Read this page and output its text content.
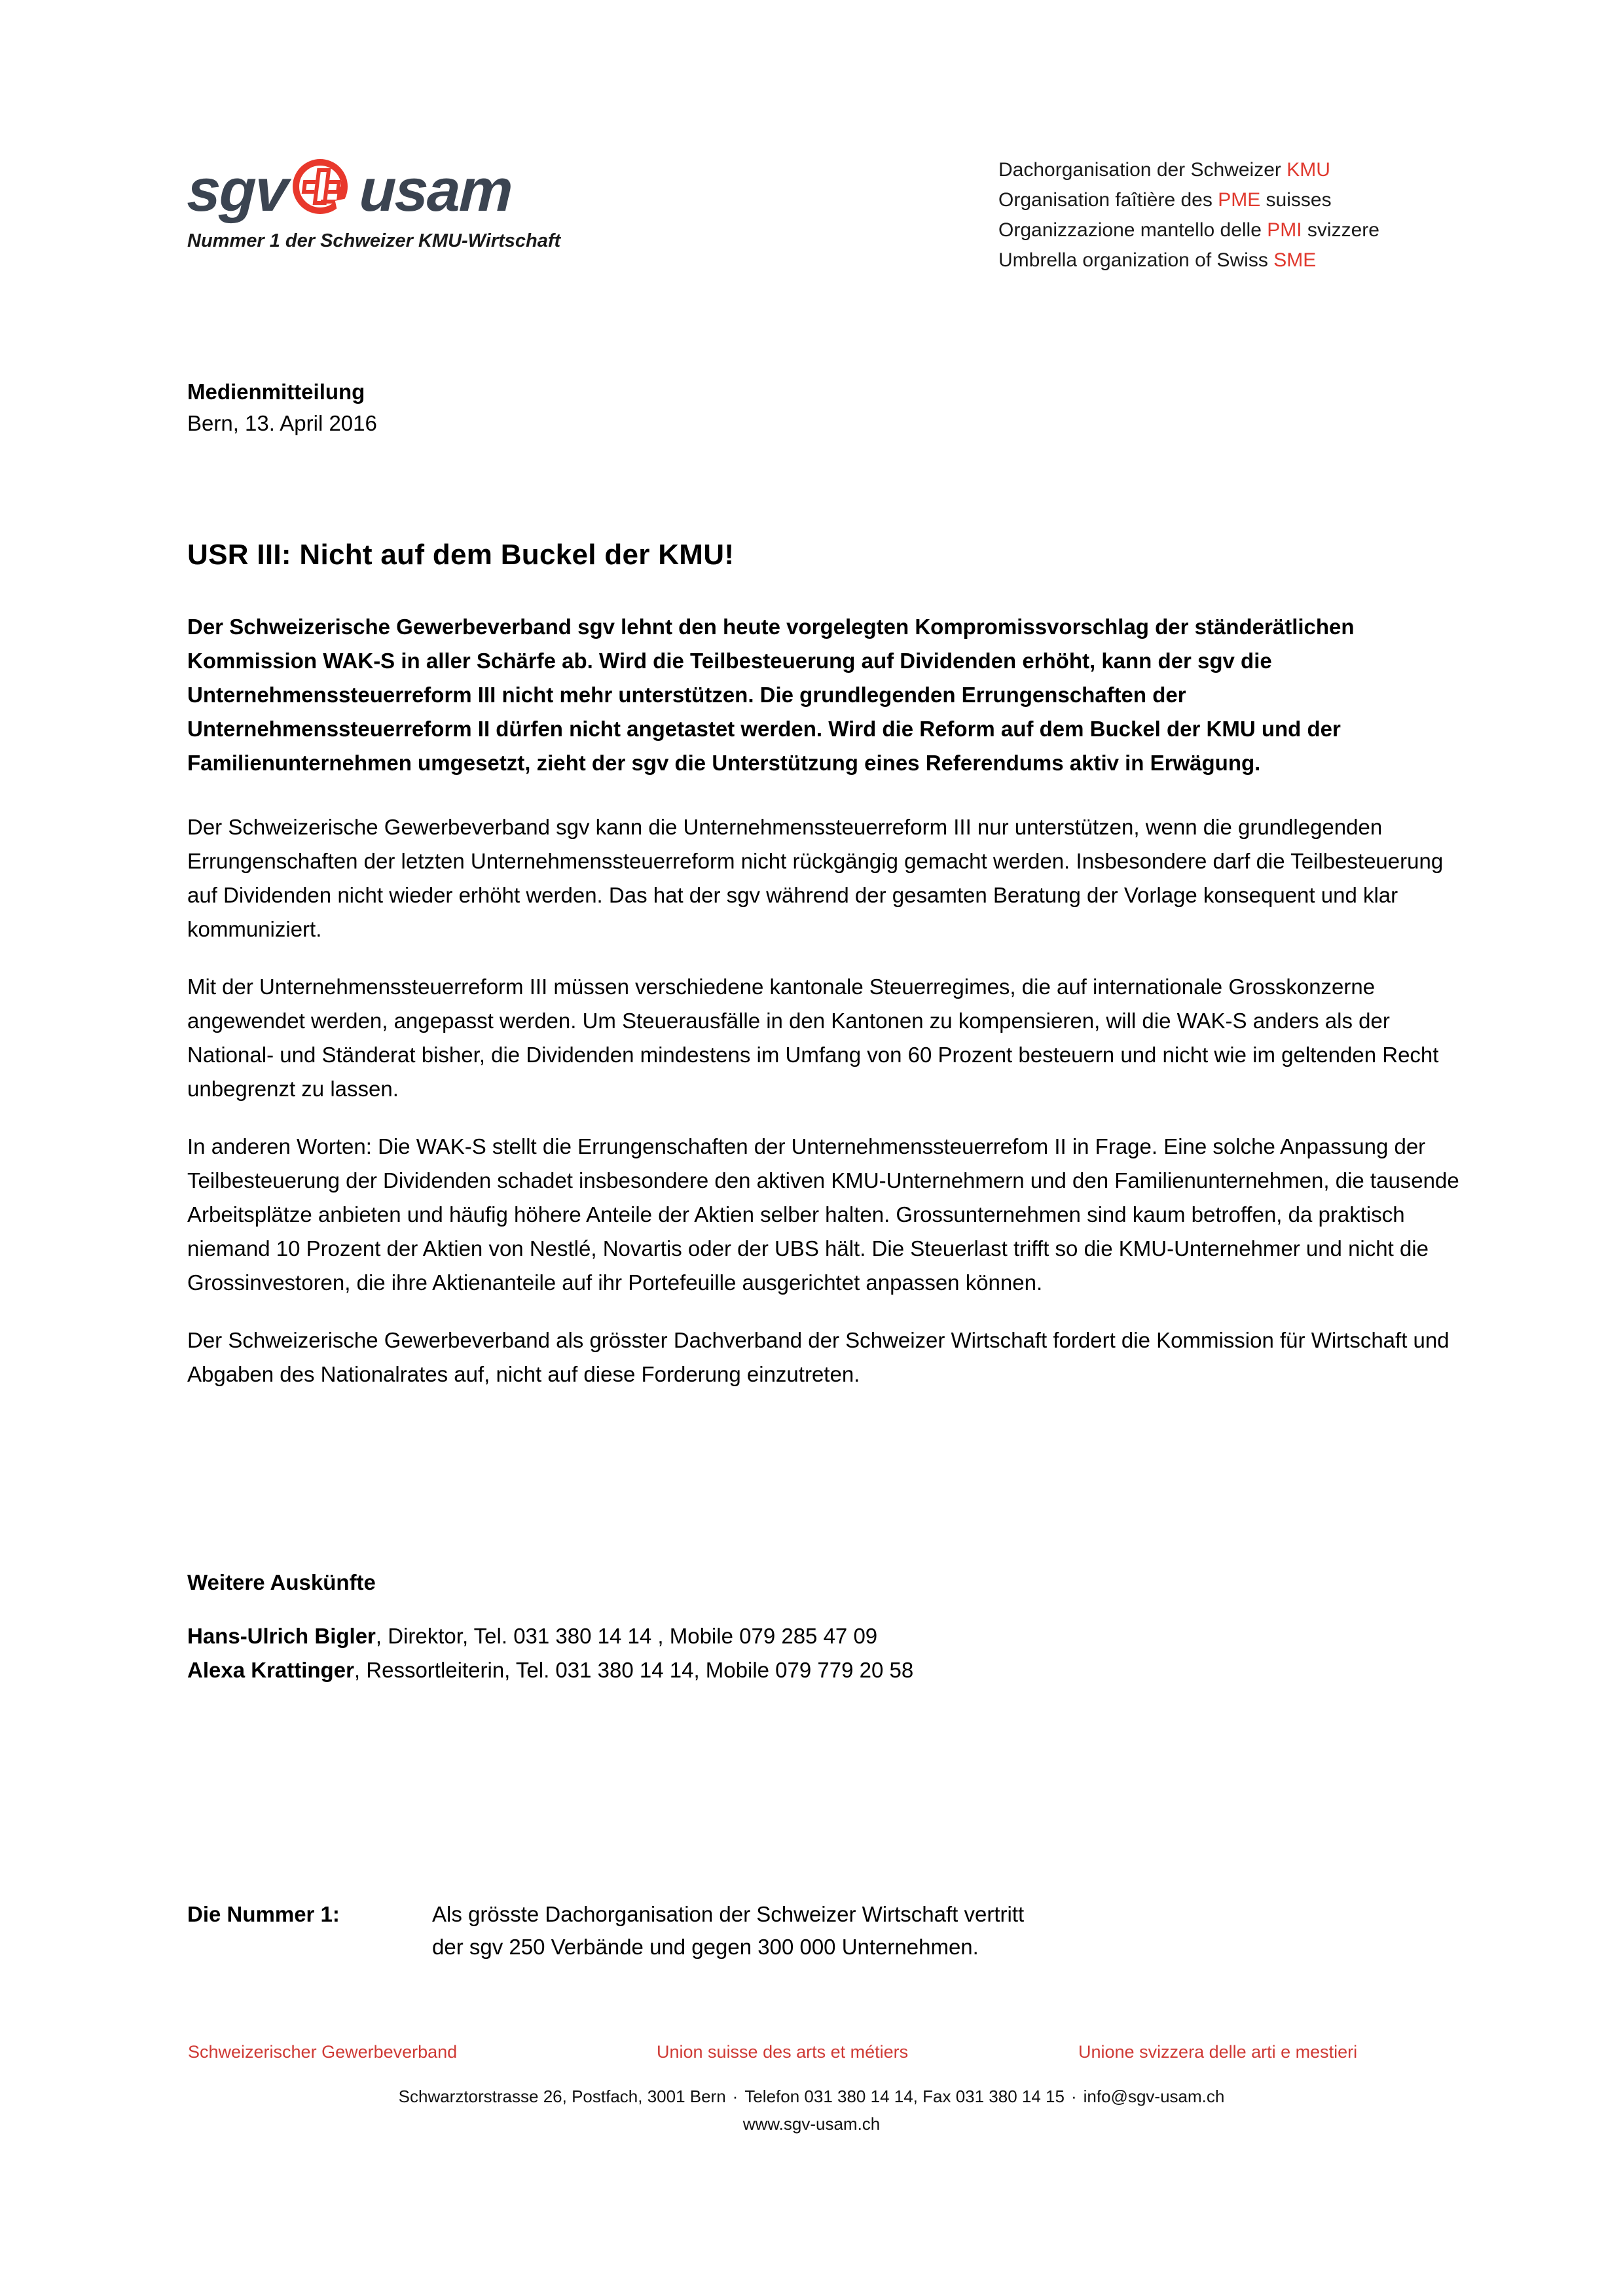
sgv usam
Nummer 1 der Schweizer KMU-Wirtschaft
Dachorganisation der Schweizer KMU
Organisation faîtière des PME suisses
Organizzazione mantello delle PMI svizzere
Umbrella organization of Swiss SME
Medienmitteilung
Bern, 13. April 2016
USR III: Nicht auf dem Buckel der KMU!

Der Schweizerische Gewerbeverband sgv lehnt den heute vorgelegten Kompromissvorschlag der ständerätlichen Kommission WAK-S in aller Schärfe ab. Wird die Teilbesteuerung auf Dividenden erhöht, kann der sgv die Unternehmenssteuerreform III nicht mehr unterstützen. Die grundlegenden Errungenschaften der Unternehmenssteuerreform II dürfen nicht angetastet werden. Wird die Reform auf dem Buckel der KMU und der Familienunternehmen umgesetzt, zieht der sgv die Unterstützung eines Referendums aktiv in Erwägung.

Der Schweizerische Gewerbeverband sgv kann die Unternehmenssteuerreform III nur unterstützen, wenn die grundlegenden Errungenschaften der letzten Unternehmenssteuerreform nicht rückgängig gemacht werden. Insbesondere darf die Teilbesteuerung auf Dividenden nicht wieder erhöht werden. Das hat der sgv während der gesamten Beratung der Vorlage konsequent und klar kommuniziert.

Mit der Unternehmenssteuerreform III müssen verschiedene kantonale Steuerregimes, die auf internationale Grosskonzerne angewendet werden, angepasst werden. Um Steuerausfälle in den Kantonen zu kompensieren, will die WAK-S anders als der National- und Ständerat bisher, die Dividenden mindestens im Umfang von 60 Prozent besteuern und nicht wie im geltenden Recht unbegrenzt zu lassen.

In anderen Worten: Die WAK-S stellt die Errungenschaften der Unternehmenssteuerrefom II in Frage. Eine solche Anpassung der Teilbesteuerung der Dividenden schadet insbesondere den aktiven KMU-Unternehmern und den Familienunternehmen, die tausende Arbeitsplätze anbieten und häufig höhere Anteile der Aktien selber halten. Grossunternehmen sind kaum betroffen, da praktisch niemand 10 Prozent der Aktien von Nestlé, Novartis oder der UBS hält. Die Steuerlast trifft so die KMU-Unternehmer und nicht die Grossinvestoren, die ihre Aktienanteile auf ihr Portefeuille ausgerichtet anpassen können.

Der Schweizerische Gewerbeverband als grösster Dachverband der Schweizer Wirtschaft fordert die Kommission für Wirtschaft und Abgaben des Nationalrates auf, nicht auf diese Forderung einzutreten.

Weitere Auskünfte
Hans-Ulrich Bigler, Direktor, Tel. 031 380 14 14 , Mobile 079 285 47 09
Alexa Krattinger, Ressortleiterin, Tel. 031 380 14 14, Mobile 079 779 20 58
Die Nummer 1:	Als grösste Dachorganisation der Schweizer Wirtschaft vertritt
der sgv 250 Verbände und gegen 300 000 Unternehmen.
Schweizerischer Gewerbeverband	Union suisse des arts et métiers	Unione svizzera delle arti e mestieri
Schwarztorstrasse 26, Postfach, 3001 Bern · Telefon 031 380 14 14, Fax 031 380 14 15 · info@sgv-usam.ch
www.sgv-usam.ch
